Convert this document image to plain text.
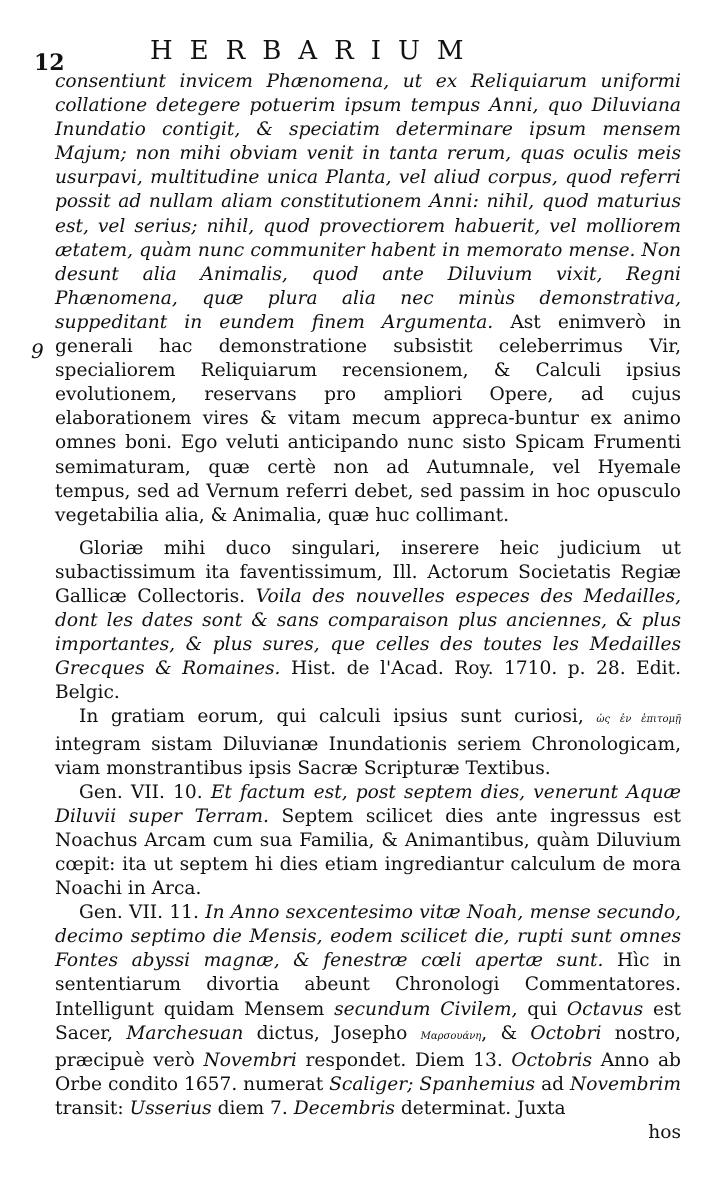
12	HERBARIUM
9

consentiunt invicem Phænomena, ut ex Reliquiarum uniformi collatione detegere potuerim ipsum tempus Anni, quo Diluviana Inundatio contigit, & speciatim determinare ipsum mensem Majum; non mihi obviam venit in tanta rerum, quas oculis meis usurpavi, multitudine unica Planta, vel aliud corpus, quod referri possit ad nullam aliam constitutionem Anni: nihil, quod maturius est, vel serius; nihil, quod provectiorem habuerit, vel molliorem ætatem, quàm nunc communiter habent in memorato mense. Non desunt alia Animalis, quod ante Diluvium vixit, Regni Phænomena, quæ plura alia nec minùs demonstrativa, suppeditant in eundem finem Argumenta. Ast enimverò in generali hac demonstratione subsistit celeberrimus Vir, specialiorem Reliquiarum recensionem, & Calculi ipsius evolutionem, reservans pro ampliori Opere, ad cujus elaborationem vires & vitam mecum appreca-buntur ex animo omnes boni. Ego veluti anticipando nunc sisto Spicam Frumenti semimaturam, quæ certè non ad Autumnale, vel Hyemale tempus, sed ad Vernum referri debet, sed passim in hoc opusculo vegetabilia alia, & Animalia, quæ huc collimant.

Gloriæ mihi duco singulari, inserere heic judicium ut subactissimum ita faventissimum, Ill. Actorum Societatis Regiæ Gallicæ Collectoris. Voila des nouvelles especes des Medailles, dont les dates sont & sans comparaison plus anciennes, & plus importantes, & plus sures, que celles des toutes les Medailles Grecques & Romaines. Hist. de l'Acad. Roy. 1710. p. 28. Edit. Belgic.

In gratiam eorum, qui calculi ipsius sunt curiosi, ὡς ἐν ἐπιτομῇ integram sistam Diluvianæ Inundationis seriem Chronologicam, viam monstrantibus ipsis Sacræ Scripturæ Textibus.

Gen. VII. 10. Et factum est, post septem dies, venerunt Aquæ Diluvii super Terram. Septem scilicet dies ante ingressus est Noachus Arcam cum sua Familia, & Animantibus, quàm Diluvium cœpit: ita ut septem hi dies etiam ingrediantur calculum de mora Noachi in Arca.

Gen. VII. 11. In Anno sexcentesimo vitæ Noah, mense secundo, decimo septimo die Mensis, eodem scilicet die, rupti sunt omnes Fontes abyssi magnæ, & fenestræ cœli apertæ sunt. Hìc in sententiarum divortia abeunt Chronologi Commentatores. Intelligunt quidam Mensem secundum Civilem, qui Octavus est Sacer, Marchesuan dictus, Josepho Μαρσουάνη, & Octobri nostro, præcipuè verò Novembri respondet. Diem 13. Octobris Anno ab Orbe condito 1657. numerat Scaliger; Spanhemius ad Novembrim transit: Usserius diem 7. Decembris determinat. Juxta

hos
